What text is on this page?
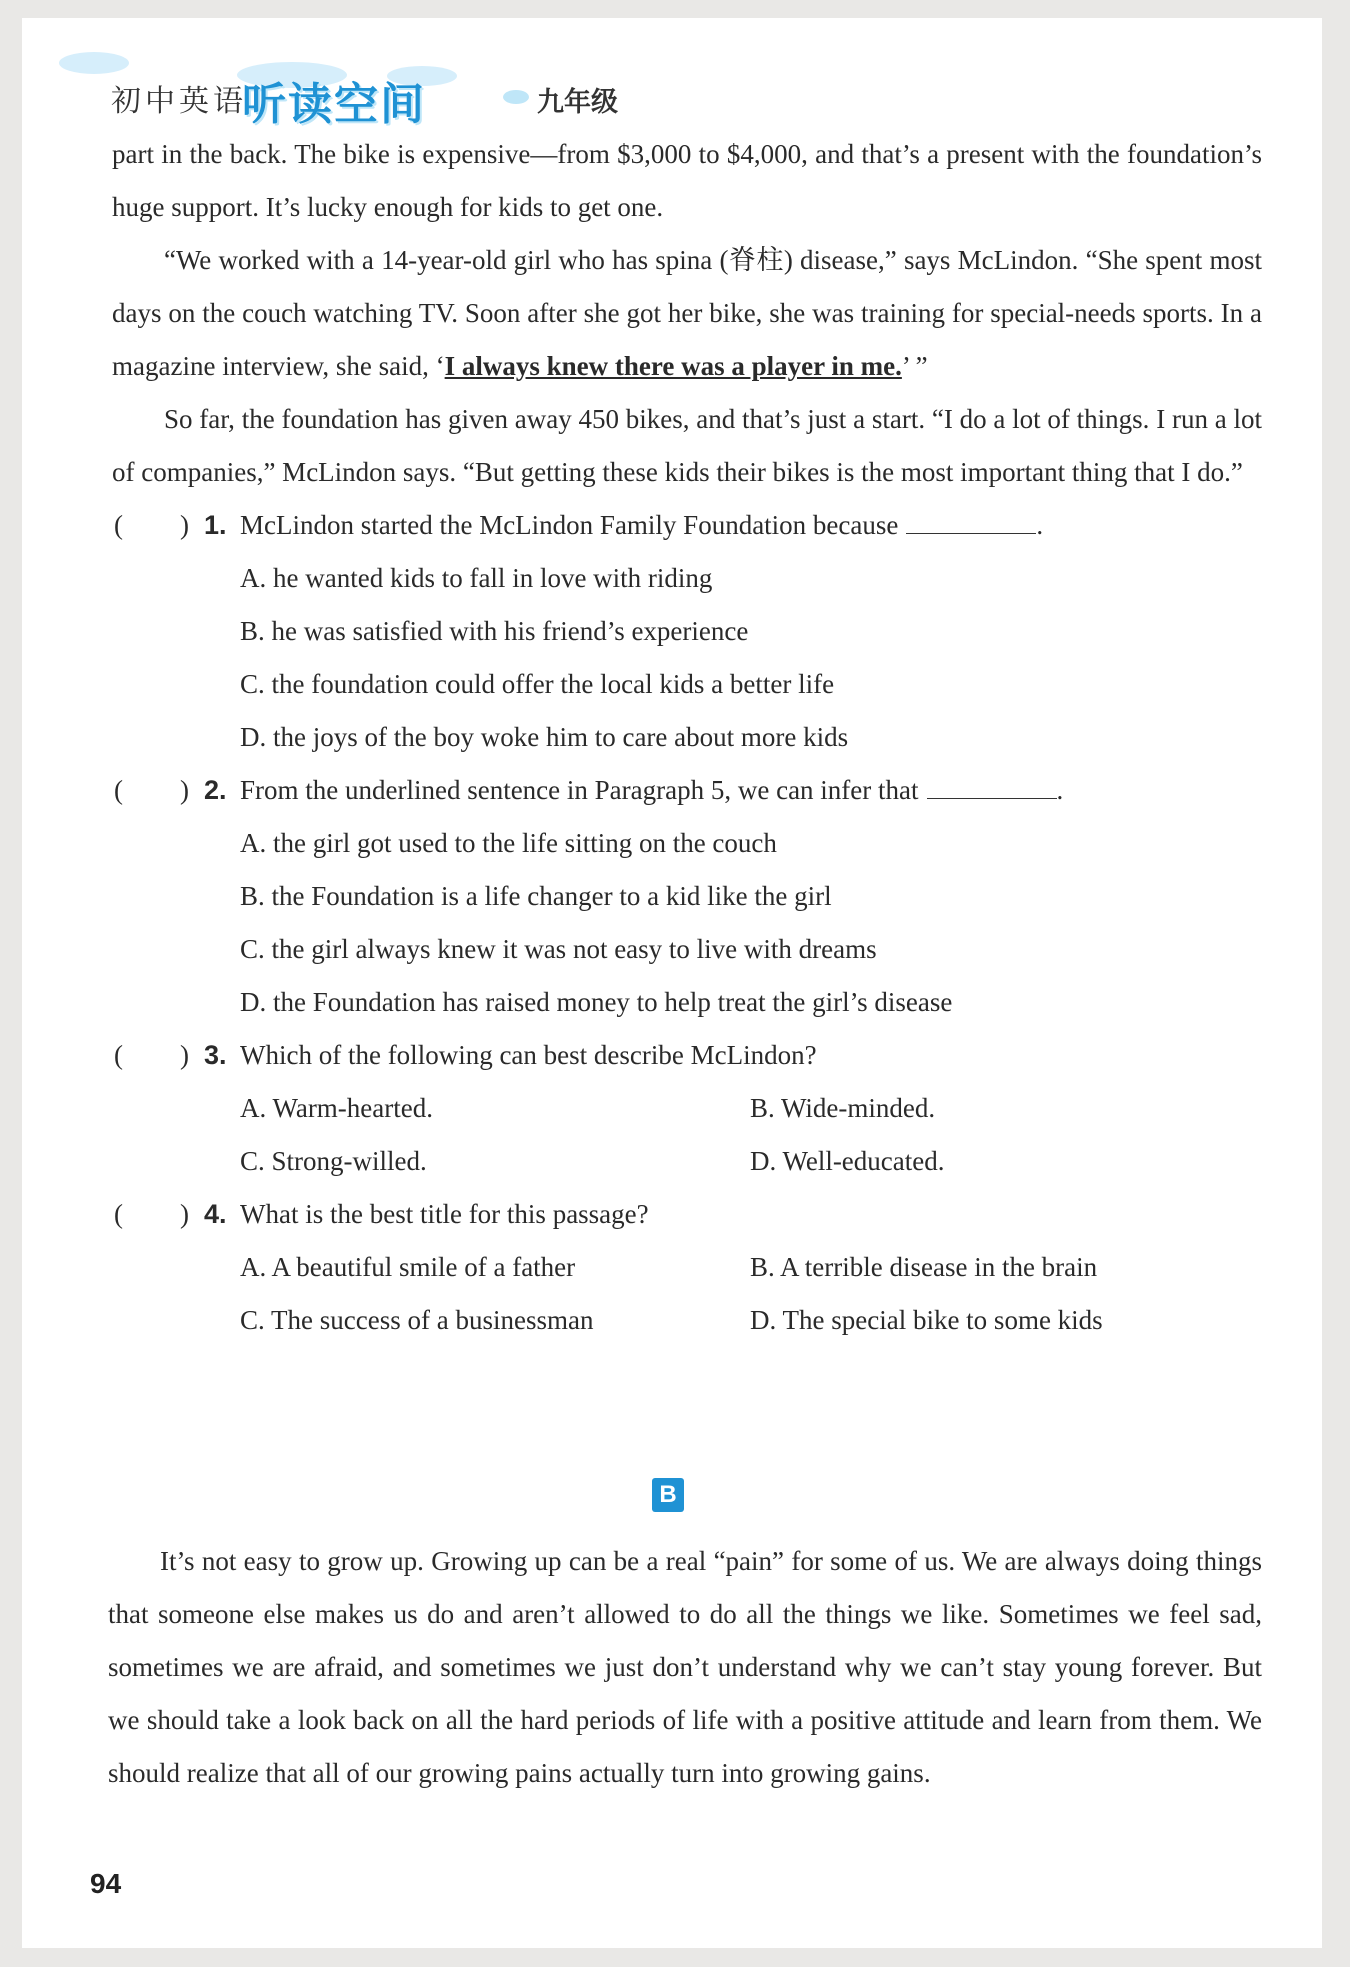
初中英语
听读空间	九年级

part in the back. The bike is expensive—from $3,000 to $4,000, and that’s a present with the foundation’s huge support. It’s lucky enough for kids to get one.

“We worked with a 14-year-old girl who has spina (脊柱) disease,” says McLindon. “She spent most days on the couch watching TV. Soon after she got her bike, she was training for special-needs sports. In a magazine interview, she said, ‘I always knew there was a player in me.’ ”

So far, the foundation has given away 450 bikes, and that’s just a start. “I do a lot of things. I run a lot of companies,” McLindon says. “But getting these kids their bikes is the most important thing that I do.”

( ) 1. McLindon started the McLindon Family Foundation because	.
A. he wanted kids to fall in love with riding
B. he was satisfied with his friend’s experience
C. the foundation could offer the local kids a better life
D. the joys of the boy woke him to care about more kids
( ) 2. From the underlined sentence in Paragraph 5, we can infer that	.
A. the girl got used to the life sitting on the couch
B. the Foundation is a life changer to a kid like the girl
C. the girl always knew it was not easy to live with dreams
D. the Foundation has raised money to help treat the girl’s disease
( ) 3. Which of the following can best describe McLindon?
A. Warm-hearted.	B. Wide-minded.
C. Strong-willed.	D. Well-educated.
( ) 4. What is the best title for this passage?
A. A beautiful smile of a father	B. A terrible disease in the brain
C. The success of a businessman	D. The special bike to some kids
B

It’s not easy to grow up. Growing up can be a real “pain” for some of us. We are always doing things that someone else makes us do and aren’t allowed to do all the things we like. Sometimes we feel sad, sometimes we are afraid, and sometimes we just don’t understand why we can’t stay young forever. But we should take a look back on all the hard periods of life with a positive attitude and learn from them. We should realize that all of our growing pains actually turn into growing gains.

94
